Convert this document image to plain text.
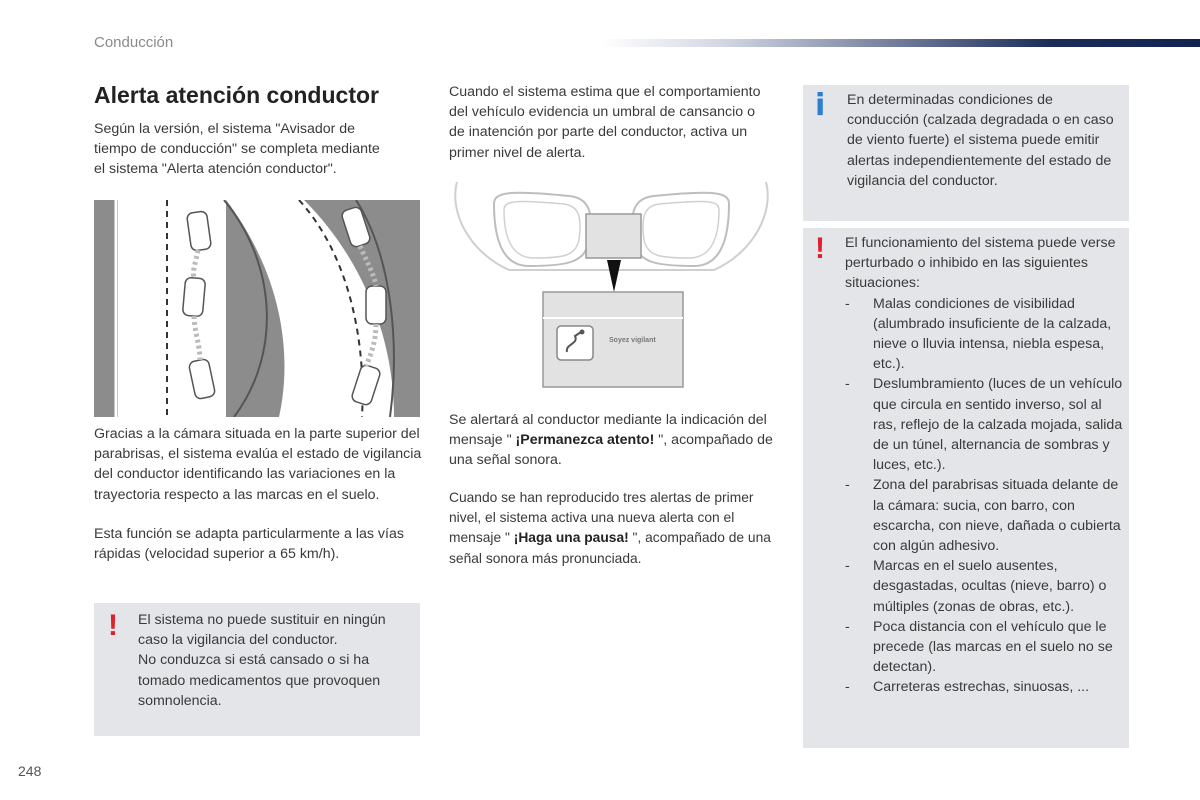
Conducción
Alerta atención conductor
Según la versión, el sistema "Avisador de tiempo de conducción" se completa mediante el sistema "Alerta atención conductor".
Gracias a la cámara situada en la parte superior del parabrisas, el sistema evalúa el estado de vigilancia del conductor identificando las variaciones en la trayectoria respecto a las marcas en el suelo.
Esta función se adapta particularmente a las vías rápidas (velocidad superior a 65 km/h).
! El sistema no puede sustituir en ningún caso la vigilancia del conductor.
No conduzca si está cansado o si ha tomado medicamentos que provoquen somnolencia.
Cuando el sistema estima que el comportamiento del vehículo evidencia un umbral de cansancio o de inatención por parte del conductor, activa un primer nivel de alerta.
Soyez vigilant
Se alertará al conductor mediante la indicación del mensaje " ¡Permanezca atento! ", acompañado de una señal sonora.
Cuando se han reproducido tres alertas de primer nivel, el sistema activa una nueva alerta con el mensaje " ¡Haga una pausa! ", acompañado de una señal sonora más pronunciada.
i En determinadas condiciones de conducción (calzada degradada o en caso de viento fuerte) el sistema puede emitir alertas independientemente del estado de vigilancia del conductor.
! El funcionamiento del sistema puede verse perturbado o inhibido en las siguientes situaciones:
- Malas condiciones de visibilidad (alumbrado insuficiente de la calzada, nieve o lluvia intensa, niebla espesa, etc.).
- Deslumbramiento (luces de un vehículo que circula en sentido inverso, sol al ras, reflejo de la calzada mojada, salida de un túnel, alternancia de sombras y luces, etc.).
- Zona del parabrisas situada delante de la cámara: sucia, con barro, con escarcha, con nieve, dañada o cubierta con algún adhesivo.
- Marcas en el suelo ausentes, desgastadas, ocultas (nieve, barro) o múltiples (zonas de obras, etc.).
- Poca distancia con el vehículo que le precede (las marcas en el suelo no se detectan).
- Carreteras estrechas, sinuosas, ...
248
